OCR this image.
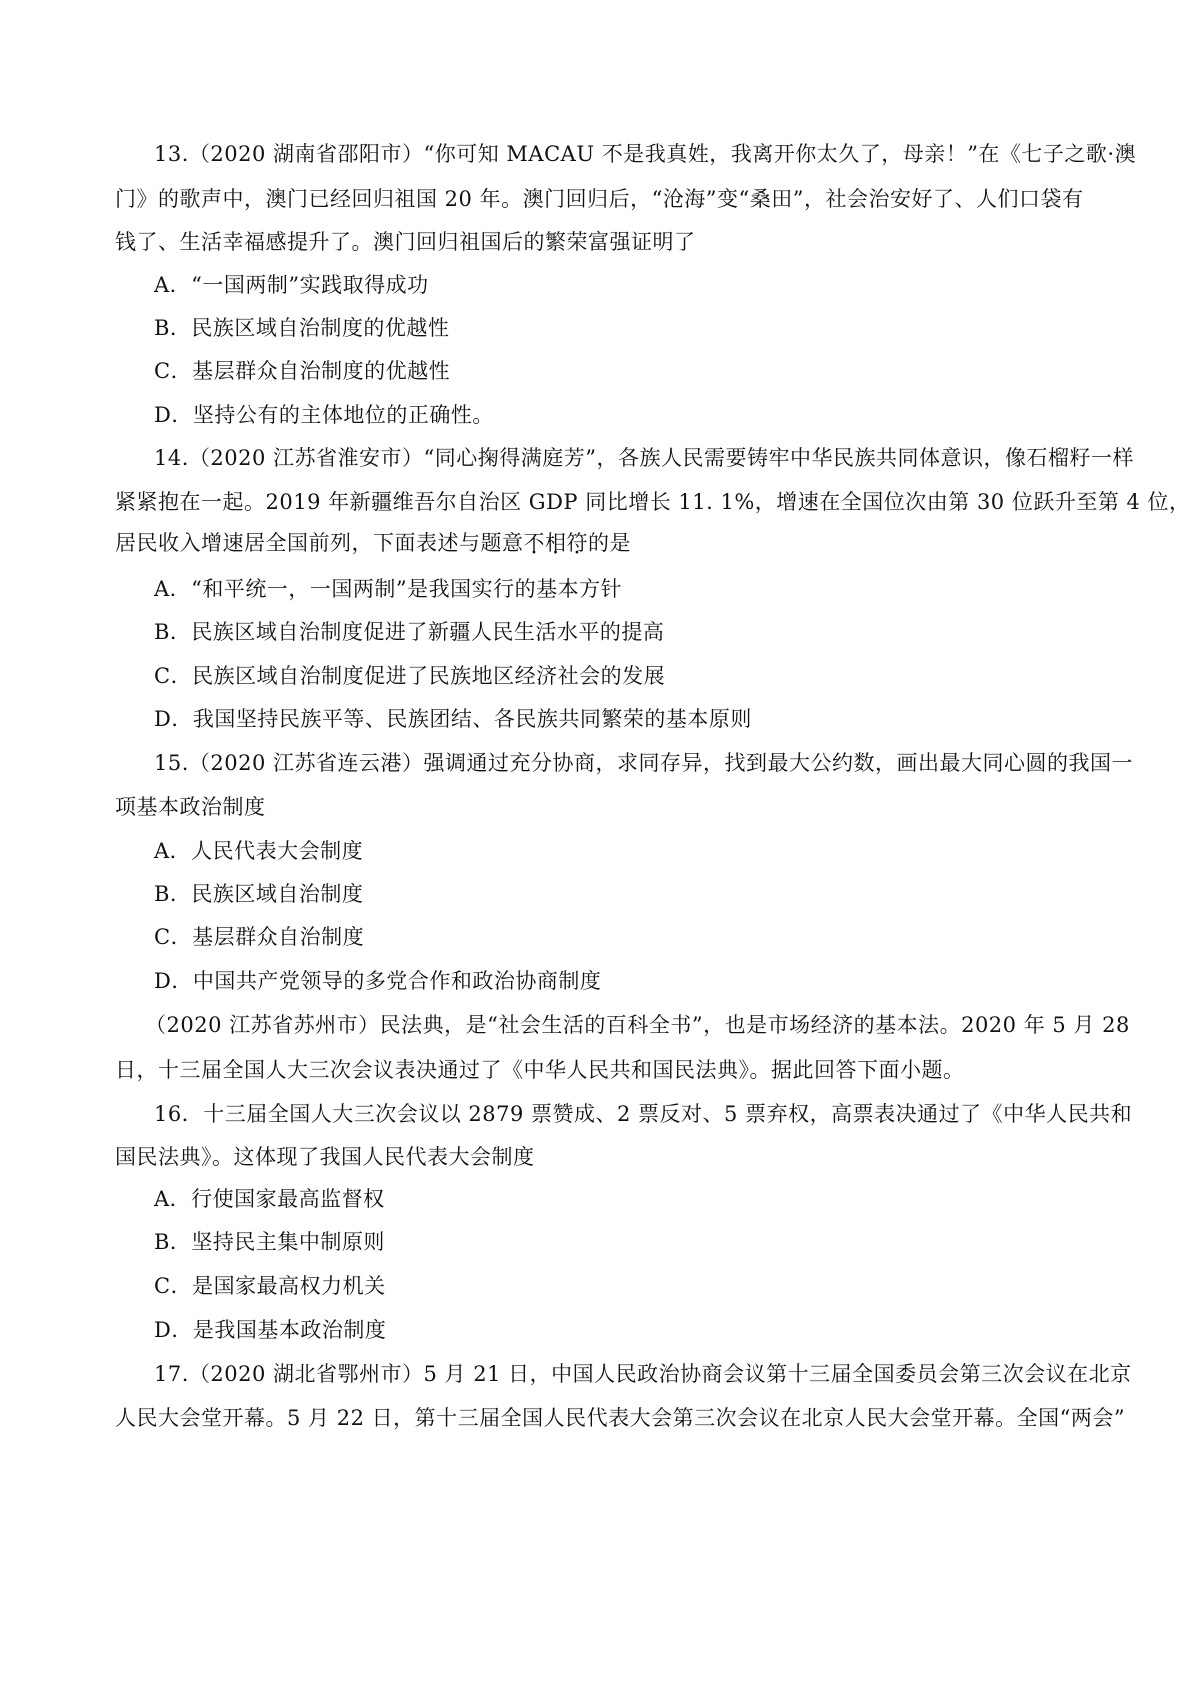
13.（2020 湖南省邵阳市）“你可知 MACAU 不是我真姓，我离开你太久了，母亲！”在《七子之歌·澳
门》的歌声中，澳门已经回归祖国 20 年。澳门回归后，“沧海”变“桑田”，社会治安好了、人们口袋有
钱了、生活幸福感提升了。澳门回归祖国后的繁荣富强证明了
A．“一国两制”实践取得成功
B．民族区域自治制度的优越性
C．基层群众自治制度的优越性
D．坚持公有的主体地位的正确性。
14.（2020 江苏省淮安市）“同心掬得满庭芳”，各族人民需要铸牢中华民族共同体意识，像石榴籽一样
紧紧抱在一起。2019 年新疆维吾尔自治区 GDP 同比增长 11. 1%，增速在全国位次由第 30 位跃升至第 4 位，
居民收入增速居全国前列，下面表述与题意不相符的是
A．“和平统一，一国两制”是我国实行的基本方针
B．民族区域自治制度促进了新疆人民生活水平的提高
C．民族区域自治制度促进了民族地区经济社会的发展
D．我国坚持民族平等、民族团结、各民族共同繁荣的基本原则
15.（2020 江苏省连云港）强调通过充分协商，求同存异，找到最大公约数，画出最大同心圆的我国一
项基本政治制度
A．人民代表大会制度
B．民族区域自治制度
C．基层群众自治制度
D．中国共产党领导的多党合作和政治协商制度
（2020 江苏省苏州市）民法典，是“社会生活的百科全书”，也是市场经济的基本法。2020 年 5 月 28
日，十三届全国人大三次会议表决通过了《中华人民共和国民法典》。据此回答下面小题。
16．十三届全国人大三次会议以 2879 票赞成、2 票反对、5 票弃权，高票表决通过了《中华人民共和
国民法典》。这体现了我国人民代表大会制度
A．行使国家最高监督权
B．坚持民主集中制原则
C．是国家最高权力机关
D．是我国基本政治制度
17.（2020 湖北省鄂州市）5 月 21 日，中国人民政治协商会议第十三届全国委员会第三次会议在北京
人民大会堂开幕。5 月 22 日，第十三届全国人民代表大会第三次会议在北京人民大会堂开幕。全国“两会”
